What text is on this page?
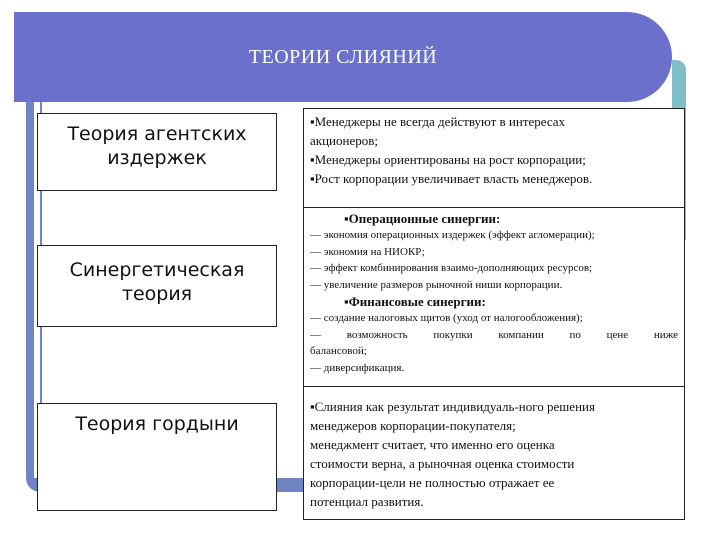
ТЕОРИИ СЛИЯНИЙ
Теория агентских издержек
Синергетическая теория
Теория гордыни
▪ Менеджеры не всегда действуют в интересах
акционеров;
▪ Менеджеры ориентированы на рост корпорации;
▪ Рост корпорации увеличивает власть менеджеров.
▪ Операционные синергии:
— экономия операционных издержек (эффект агломерации);
— экономия на НИОКР;
— эффект комбинирования взаимо-дополняющих ресурсов;
— увеличение размеров рыночной ниши корпорации.
▪ Финансовые синергии:
— создание налоговых щитов (уход от налогообложения);
— возможность покупки компании по цене ниже
балансовой;
— диверсификация.
▪ Слияния как результат индивидуаль-ного решения
менеджеров корпорации-покупателя;
менеджмент считает, что именно его оценка
стоимости верна, а рыночная оценка стоимости
корпорации-цели не полностью отражает ее
потенциал развития.
